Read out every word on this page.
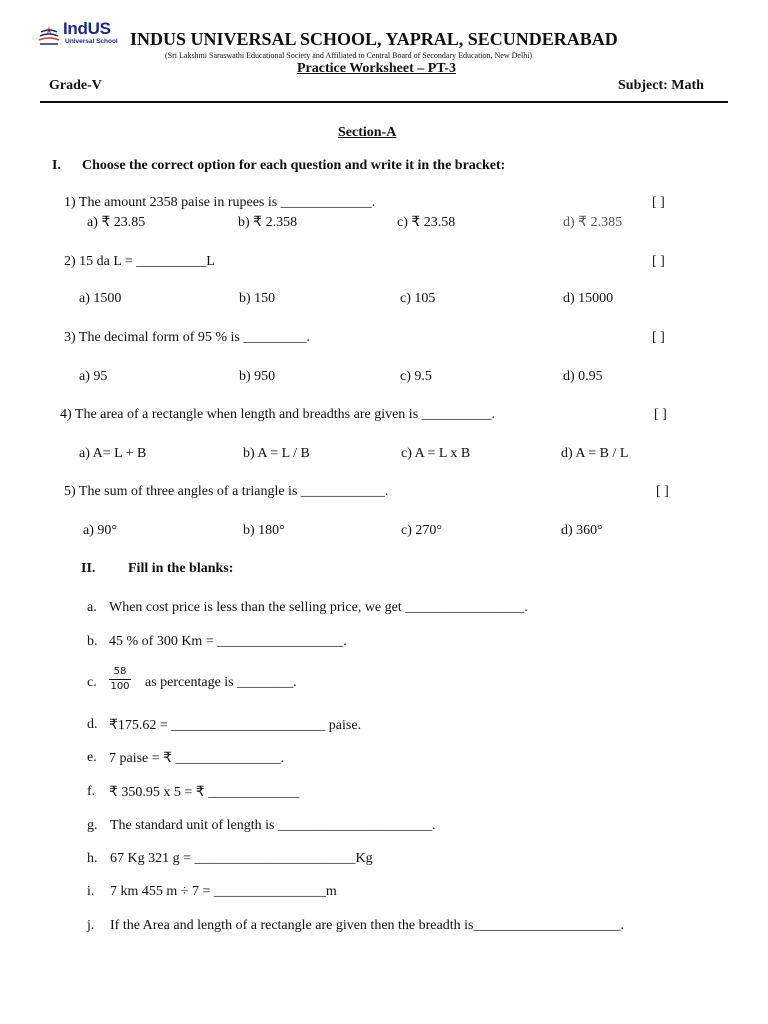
IndUS
Universal School INDUS UNIVERSAL SCHOOL, YAPRAL, SECUNDERABAD
(Sri Lakshmi Saraswathi Educational Society and Affiliated to Central Board of Secondary Education, New Delhi)
Practice Worksheet – PT-3
Grade-V	Subject: Math
Section-A
I. Choose the correct option for each question and write it in the bracket:
1) The amount 2358 paise in rupees is _____________.	[ ]
a) ₹ 23.85	b) ₹ 2.358	c) ₹ 23.58	d) ₹ 2.385
2) 15 da L = __________L	[ ]
a) 1500	b) 150	c) 105	d) 15000
3) The decimal form of 95 % is _________.	[ ]
a) 95	b) 950	c) 9.5	d) 0.95
4) The area of a rectangle when length and breadths are given is __________.	[ ]
a) A= L + B	b) A = L / B	c) A = L x B	d) A = B / L
5) The sum of three angles of a triangle is ____________.	[ ]
a) 90°	b) 180°	c) 270°	d) 360°
II. Fill in the blanks:
a. When cost price is less than the selling price, we get _________________.
b. 45 % of 300 Km = __________________.
c.
58
100 as percentage is ________.
d. ₹175.62 = ______________________ paise.
e. 7 paise = ₹ _______________.
f. ₹ 350.95 x 5 = ₹ _____________
g. The standard unit of length is ______________________.
h. 67 Kg 321 g = _______________________Kg
i. 7 km 455 m ÷ 7 = ________________m
j. If the Area and length of a rectangle are given then the breadth is_____________________.
